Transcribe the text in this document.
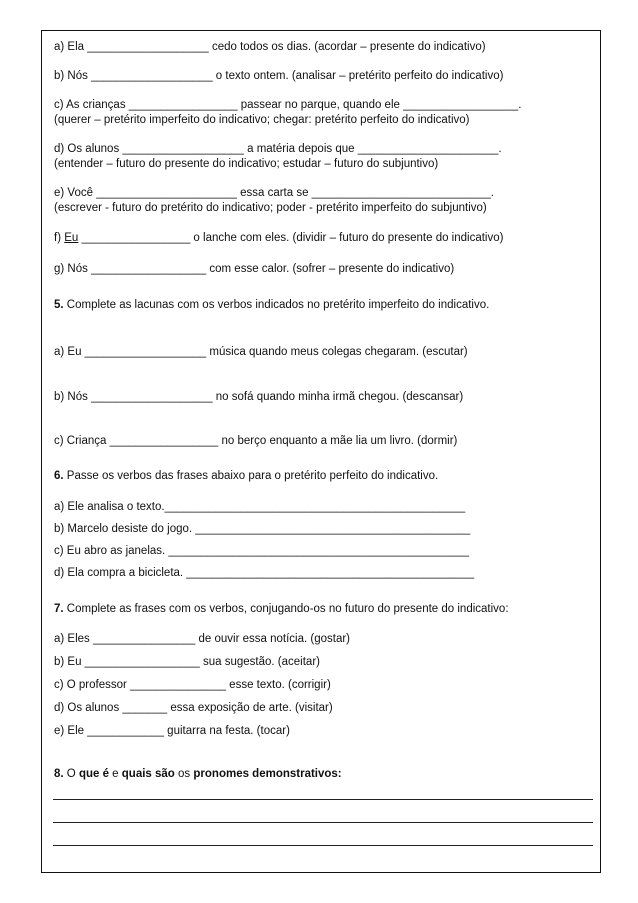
a) Ela ___________________ cedo todos os dias. (acordar – presente do indicativo)
b) Nós ___________________ o texto ontem. (analisar – pretérito perfeito do indicativo)
c) As crianças _________________ passear no parque, quando ele __________________.
(querer – pretérito imperfeito do indicativo; chegar: pretérito perfeito do indicativo)
d) Os alunos ___________________ a matéria depois que ______________________.
(entender – futuro do presente do indicativo; estudar – futuro do subjuntivo)
e) Você ______________________ essa carta se ____________________________.
(escrever - futuro do pretérito do indicativo; poder - pretérito imperfeito do subjuntivo)
f) Eu _________________ o lanche com eles. (dividir – futuro do presente do indicativo)
g) Nós __________________ com esse calor. (sofrer – presente do indicativo)
5. Complete as lacunas com os verbos indicados no pretérito imperfeito do indicativo.
a) Eu ___________________ música quando meus colegas chegaram. (escutar)
b) Nós ___________________ no sofá quando minha irmã chegou. (descansar)
c) Criança _________________ no berço enquanto a mãe lia um livro. (dormir)
6. Passe os verbos das frases abaixo para o pretérito perfeito do indicativo.
a) Ele analisa o texto._______________________________________________
b) Marcelo desiste do jogo. ___________________________________________
c) Eu abro as janelas. _______________________________________________
d) Ela compra a bicicleta. _____________________________________________
7. Complete as frases com os verbos, conjugando-os no futuro do presente do indicativo:
a) Eles ________________ de ouvir essa notícia. (gostar)
b) Eu __________________ sua sugestão. (aceitar)
c) O professor _______________ esse texto. (corrigir)
d) Os alunos _______ essa exposição de arte. (visitar)
e) Ele ____________ guitarra na festa. (tocar)
8. O que é e quais são os pronomes demonstrativos:
